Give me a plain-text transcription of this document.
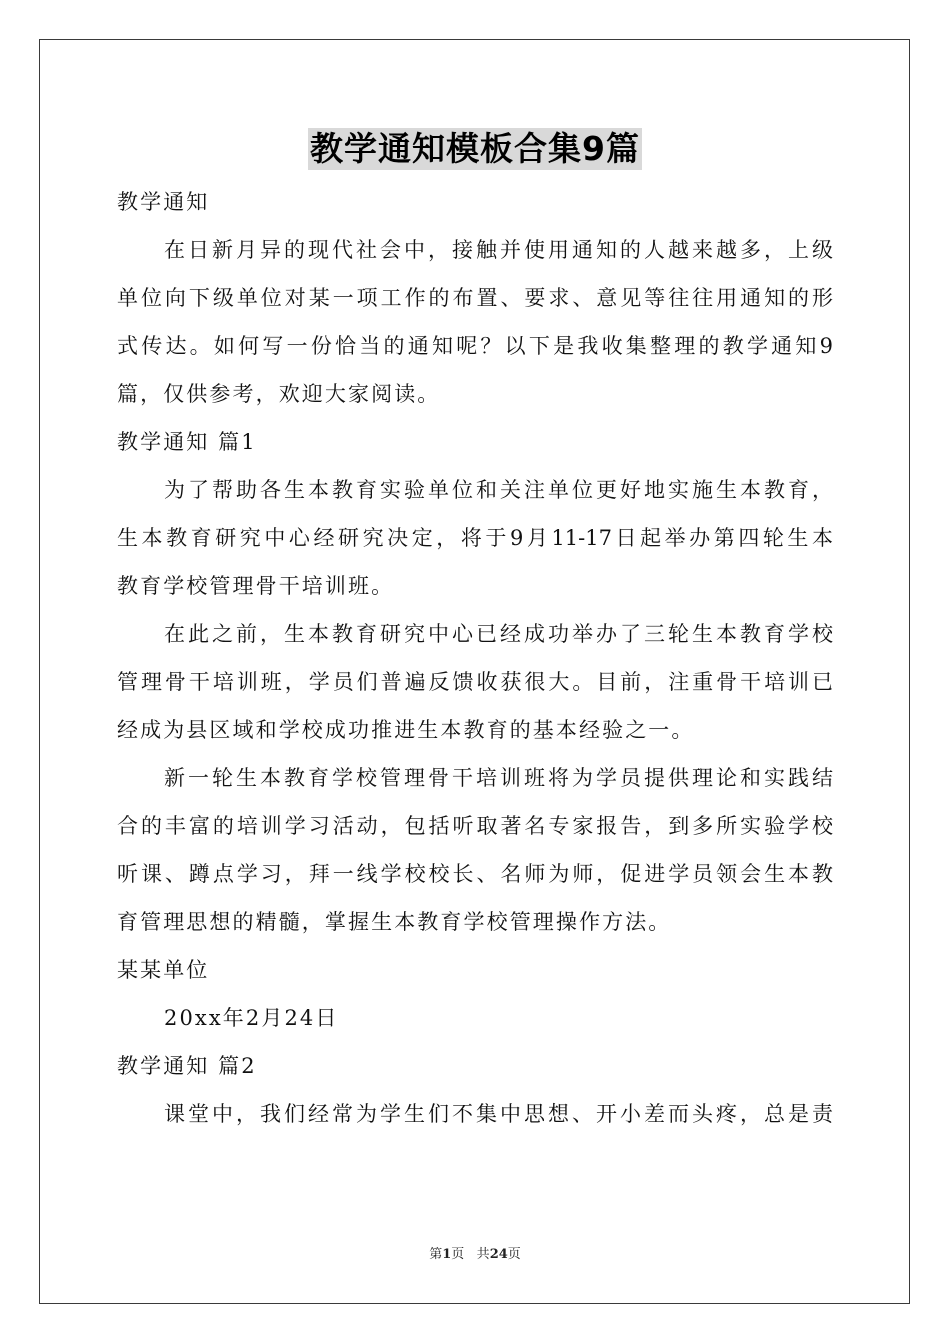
教学通知模板合集9篇
教学通知
在日新月异的现代社会中，接触并使用通知的人越来越多，上级
单位向下级单位对某一项工作的布置、要求、意见等往往用通知的形
式传达。如何写一份恰当的通知呢？以下是我收集整理的教学通知9
篇，仅供参考，欢迎大家阅读。
教学通知 篇1
为了帮助各生本教育实验单位和关注单位更好地实施生本教育，
生本教育研究中心经研究决定，将于9月11-17日起举办第四轮生本
教育学校管理骨干培训班。
在此之前，生本教育研究中心已经成功举办了三轮生本教育学校
管理骨干培训班，学员们普遍反馈收获很大。目前，注重骨干培训已
经成为县区域和学校成功推进生本教育的基本经验之一。
新一轮生本教育学校管理骨干培训班将为学员提供理论和实践结
合的丰富的培训学习活动，包括听取著名专家报告，到多所实验学校
听课、蹲点学习，拜一线学校校长、名师为师，促进学员领会生本教
育管理思想的精髓，掌握生本教育学校管理操作方法。
某某单位
20xx年2月24日
教学通知 篇2
课堂中，我们经常为学生们不集中思想、开小差而头疼，总是责
第1页 共24页
